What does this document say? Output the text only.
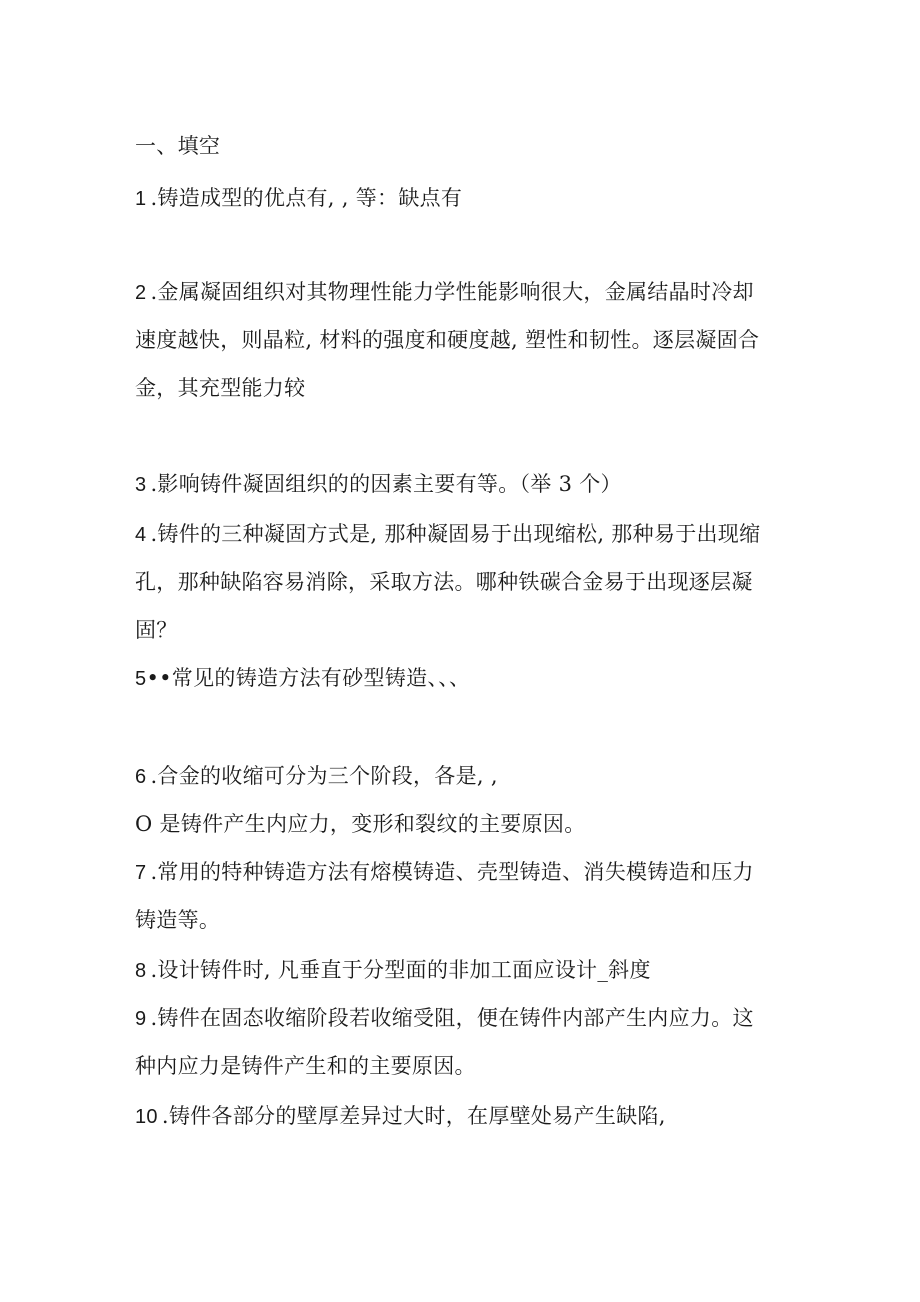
一、填空
1 .铸造成型的优点有, , 等：缺点有
2 .金属凝固组织对其物理性能力学性能影响很大，金属结晶时冷却
速度越快，则晶粒, 材料的强度和硬度越, 塑性和韧性。逐层凝固合
金，其充型能力较
3 .影响铸件凝固组织的的因素主要有等。（举 3 个）
4 .铸件的三种凝固方式是, 那种凝固易于出现缩松, 那种易于出现缩
孔，那种缺陷容易消除，采取方法。哪种铁碳合金易于出现逐层凝
固？
5••常见的铸造方法有砂型铸造、、、
6 .合金的收缩可分为三个阶段，各是, ,
O 是铸件产生内应力，变形和裂纹的主要原因。
7 .常用的特种铸造方法有熔模铸造、壳型铸造、消失模铸造和压力
铸造等。
8 .设计铸件时, 凡垂直于分型面的非加工面应设计_斜度
9 .铸件在固态收缩阶段若收缩受阻，便在铸件内部产生内应力。这
种内应力是铸件产生和的主要原因。
10 .铸件各部分的壁厚差异过大时，在厚壁处易产生缺陷,
